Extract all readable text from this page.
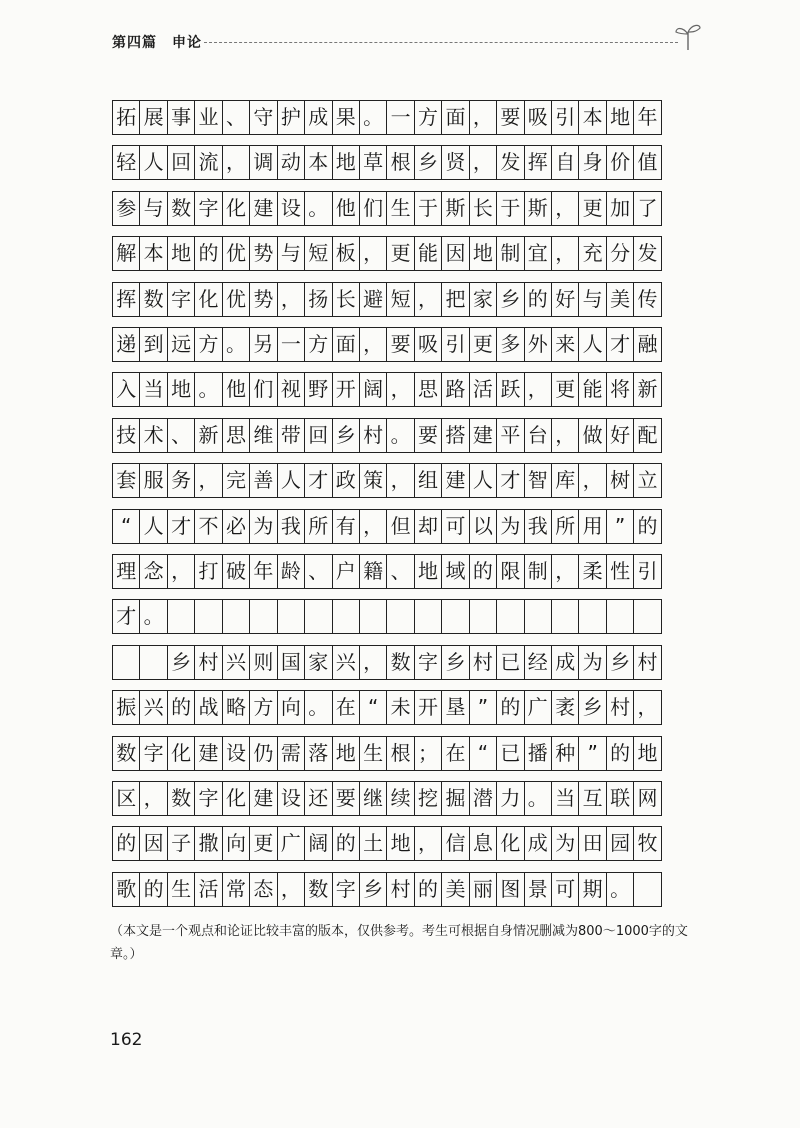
第四篇　申论
拓 展 事 业 、 守 护 成 果 。 一 方 面 ， 要 吸 引 本 地 年
轻 人 回 流 ， 调 动 本 地 草 根 乡 贤 ， 发 挥 自 身 价 值
参 与 数 字 化 建 设 。 他 们 生 于 斯 长 于 斯 ， 更 加 了
解 本 地 的 优 势 与 短 板 ， 更 能 因 地 制 宜 ， 充 分 发
挥 数 字 化 优 势 ， 扬 长 避 短 ， 把 家 乡 的 好 与 美 传
递 到 远 方 。 另 一 方 面 ， 要 吸 引 更 多 外 来 人 才 融
入 当 地 。 他 们 视 野 开 阔 ， 思 路 活 跃 ， 更 能 将 新
技 术 、 新 思 维 带 回 乡 村 。 要 搭 建 平 台 ， 做 好 配
套 服 务 ， 完 善 人 才 政 策 ， 组 建 人 才 智 库 ， 树 立
“ 人 才 不 必 为 我 所 有 ， 但 却 可 以 为 我 所 用 ” 的
理 念 ， 打 破 年 龄 、 户 籍 、 地 域 的 限 制 ， 柔 性 引
才 。
乡 村 兴 则 国 家 兴 ， 数 字 乡 村 已 经 成 为 乡 村
振 兴 的 战 略 方 向 。 在 “ 未 开 垦 ” 的 广 袤 乡 村 ，
数 字 化 建 设 仍 需 落 地 生 根 ； 在 “ 已 播 种 ” 的 地
区 ， 数 字 化 建 设 还 要 继 续 挖 掘 潜 力 。 当 互 联 网
的 因 子 撒 向 更 广 阔 的 土 地 ， 信 息 化 成 为 田 园 牧
歌 的 生 活 常 态 ， 数 字 乡 村 的 美 丽 图 景 可 期 。
（本文是一个观点和论证比较丰富的版本，仅供参考。考生可根据自身情况删减为800～1000字的文章。）
162
